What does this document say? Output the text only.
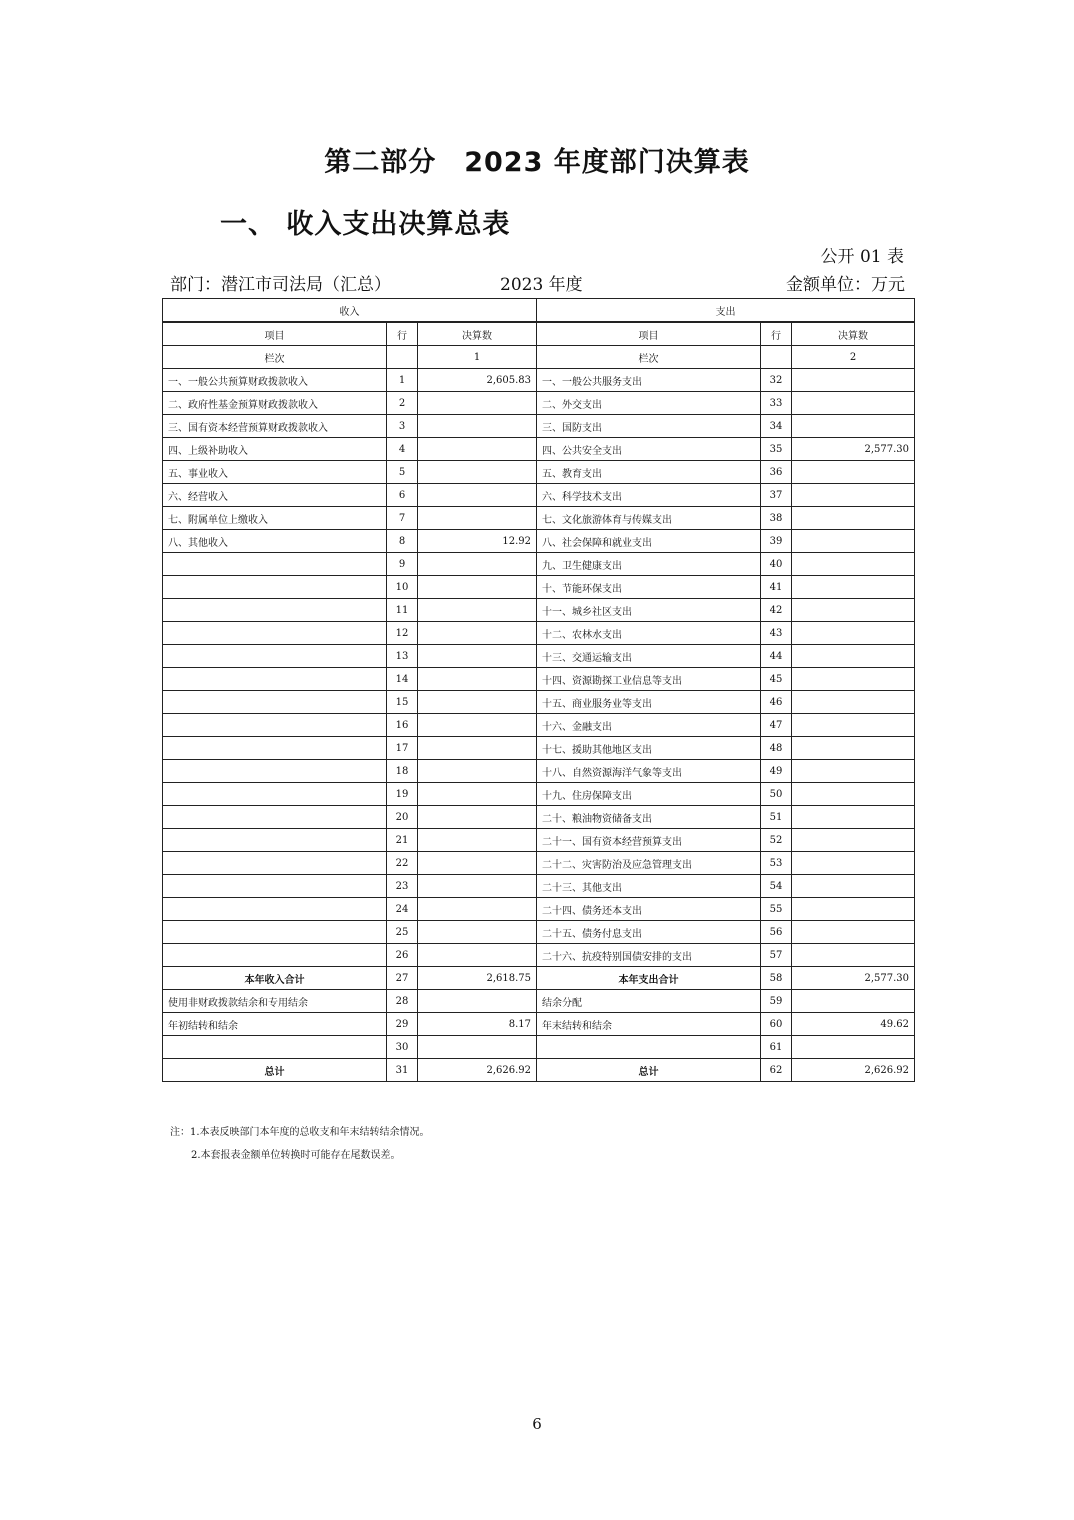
第二部分　2023 年度部门决算表
一、 收入支出决算总表
公开 01 表
部门：潜江市司法局（汇总）	2023 年度	金额单位：万元
收入			支出		
项目	行	决算数	项目	行	决算数
栏次		1	栏次		2
一、一般公共预算财政拨款收入	1	2,605.83	一、一般公共服务支出	32	
二、政府性基金预算财政拨款收入	2		二、外交支出	33	
三、国有资本经营预算财政拨款收入	3		三、国防支出	34	
四、上级补助收入	4		四、公共安全支出	35	2,577.30
五、事业收入	5		五、教育支出	36	
六、经营收入	6		六、科学技术支出	37	
七、附属单位上缴收入	7		七、文化旅游体育与传媒支出	38	
八、其他收入	8	12.92	八、社会保障和就业支出	39	
	9		九、卫生健康支出	40	
	10		十、节能环保支出	41	
	11		十一、城乡社区支出	42	
	12		十二、农林水支出	43	
	13		十三、交通运输支出	44	
	14		十四、资源勘探工业信息等支出	45	
	15		十五、商业服务业等支出	46	
	16		十六、金融支出	47	
	17		十七、援助其他地区支出	48	
	18		十八、自然资源海洋气象等支出	49	
	19		十九、住房保障支出	50	
	20		二十、粮油物资储备支出	51	
	21		二十一、国有资本经营预算支出	52	
	22		二十二、灾害防治及应急管理支出	53	
	23		二十三、其他支出	54	
	24		二十四、债务还本支出	55	
	25		二十五、债务付息支出	56	
	26		二十六、抗疫特别国债安排的支出	57	
本年收入合计	27	2,618.75	本年支出合计	58	2,577.30
使用非财政拨款结余和专用结余	28		结余分配	59	
年初结转和结余	29	8.17	年末结转和结余	60	49.62
	30			61	
总计	31	2,626.92	总计	62	2,626.92
注：1.本表反映部门本年度的总收支和年末结转结余情况。
2.本套报表金额单位转换时可能存在尾数误差。
6
